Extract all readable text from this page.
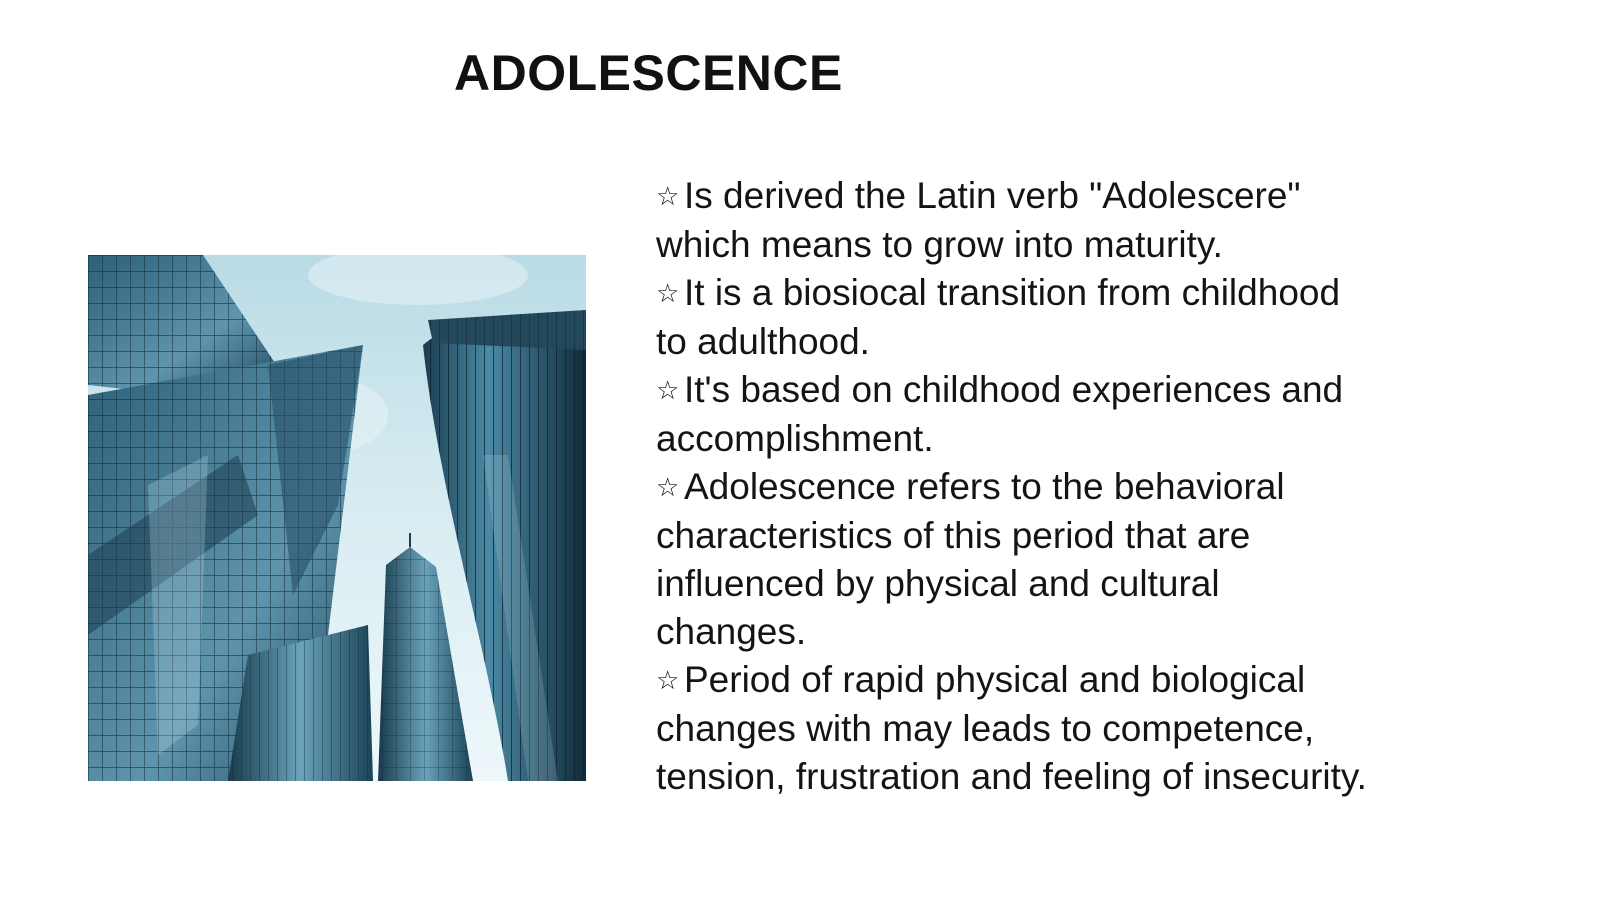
ADOLESCENCE
☆ Is derived the Latin verb "Adolescere" which means to grow into maturity.
☆ It is a biosiocal transition from childhood to adulthood.
☆ It's based on childhood experiences and accomplishment.
☆ Adolescence refers to the behavioral characteristics of this period that are influenced by physical and cultural changes.
☆ Period of rapid physical and biological changes with may leads to competence, tension, frustration and feeling of insecurity.
